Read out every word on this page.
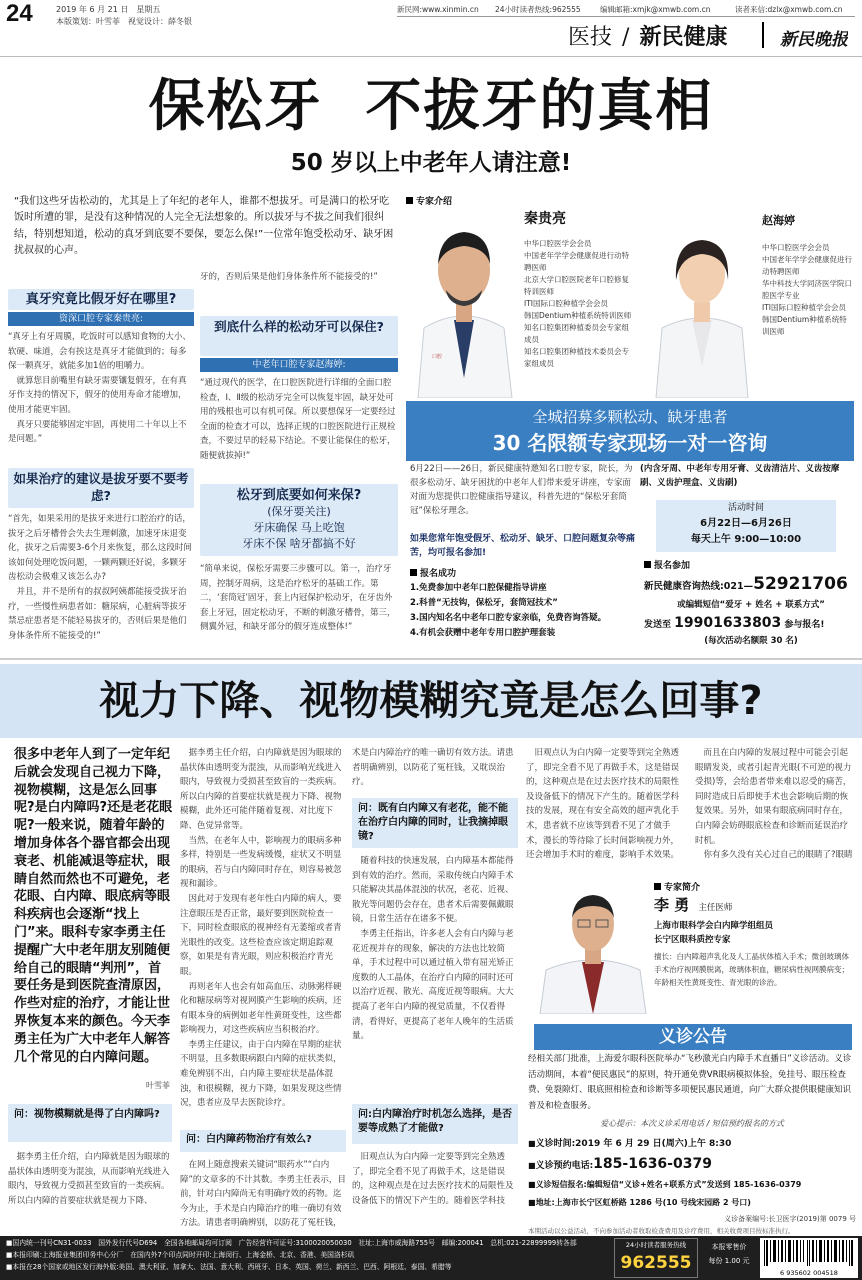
24	2019 年 6 月 21 日　星期五
本版策划：叶雪菲　视觉设计：薛冬银
新民网:www.xinmin.cn 24小时读者热线:962555	编辑邮箱:xmjk@xmwb.com.cn	读者来信:dzlx@xmwb.com.cn
医技 / 新民健康	新民晚报
保松牙  不拔牙的真相
50 岁以上中老年人请注意!
“我们这些牙齿松动的，尤其是上了年纪的老年人，谁都不想拔牙。可是满口的松牙吃饭时所遭的罪，是没有这种情况的人完全无法想象的。所以拔牙与不拔之间我们很纠结，特别想知道，松动的真牙到底要不要保，要怎么保!”一位常年饱受松动牙、缺牙困扰叔叔的心声。
真牙究竟比假牙好在哪里?
资深口腔专家秦贵亮:
“真牙上有牙周膜，吃饭时可以感知食物的大小、软硬、味道，会有挨这是真牙才能做到的；每多保一颗真牙，就能多加1倍的咀嚼力。
　就算您目前嘴里有缺牙需要镶复假牙，在有真牙作支持的情况下，假牙的使用寿命才能增加，使用才能更牢固。
　真牙只要能够固定牢固，再使用二十年以上不是问题。”
如果治疗的建议是拔牙要不要考虑?
“首先，如果采用的是拔牙来进行口腔治疗的话，拔牙之后牙槽骨会失去生理刺激，加速牙床退变化，拔牙之后需要3-6个月来恢复，那么这段时间该如何处理吃饭问题，一颗两颗还好说，多颗牙齿松动会极难又该怎么办?
　并且，并不是所有的叔叔阿姨都能接受拔牙治疗，一些慢性病患者如：糖尿病，心脏病等拔牙禁忌症患者是不能轻易拔牙的，否则后果是他们身体条件所不能接受的!”
牙的，否则后果是他们身体条件所不能接受的!”
到底什么样的松动牙可以保住?
中老年口腔专家赵海婷:
“通过现代的医学，在口腔医院进行详细的全面口腔检查，Ⅰ、Ⅱ级的松动牙完全可以恢复牢固，缺牙处可用的残根也可以有机可保。所以要想保牙一定要经过全面的检查才可以，选择正规的口腔医院进行正规检查，不要过早的轻易下结论。不要让能保住的松牙，随便就拔掉!”
松牙到底要如何来保?
(保牙要关注)
牙床确保 马上吃饱
牙床不保 啥牙都搞不好
“简单来说，保松牙需要三步骤可以。第一，治疗牙周，控制牙周病，这是治疗松牙的基础工作。第二，‘套筒冠’固牙，套上内冠保护松动牙，在牙齿外套上牙冠，固定松动牙，不断的刺激牙槽骨，第三，侧翼外冠，和缺牙部分的假牙连成整体!”
专家介绍
口腔
秦贵亮
中华口腔医学会会员
中国老年学学会健康促进行动特聘医师
北京大学口腔医院老年口腔修复特训医师
ITI国际口腔种植学会会员
韩国Dentium种植系统特训医师
知名口腔集团种植委员会专家组成员
知名口腔集团种植技术委员会专家组成员
赵海婷
中华口腔医学会会员
中国老年学学会健康促进行动特聘医师
华中科技大学同济医学院口腔医学专业
ITI国际口腔种植学会会员
韩国Dentium种植系统特训医师
全城招募多颗松动、缺牙患者
30 名限额专家现场一对一咨询
6月22日——26日，新民健康特邀知名口腔专家，院长，为很多松动牙、缺牙困扰的中老年人们带来爱牙讲座，专家面对面为您提供口腔健康指导建议，科普先进的“保松牙套筒冠”保松牙理念。
如果您常年饱受假牙、松动牙、缺牙、口腔问题复杂等痛苦，均可报名参加!
(内含牙周、中老年专用牙膏、义齿清洁片、义齿按摩刷、义齿护理盒、义齿刷)
活动时间
6月22日—6月26日
每天上午 9:00—10:00
报名成功
1.免费参加中老年口腔保健指导讲座
2.科普“无技钩，保松牙，套筒冠技术”
3.国内知名名中老年口腔专家亲临，免费咨询答疑。
4.有机会获赠中老年专用口腔护理套装
报名参加
新民健康咨询热线:021—52921706
或编辑短信“爱牙 + 姓名 + 联系方式”
发送至 19901633803 参与报名!
(每次活动名额限 30 名)
视力下降、视物模糊究竟是怎么回事?
很多中老年人到了一定年纪后就会发现自己视力下降，视物模糊，这是怎么回事呢?是白内障吗?还是老花眼呢?一般来说，随着年龄的增加身体各个器官都会出现衰老、机能减退等症状，眼睛自然而然也不可避免，老花眼、白内障、眼底病等眼科疾病也会逐渐“找上门”来。眼科专家李勇主任提醒广大中老年朋友别随便给自己的眼睛“判刑”，首要任务是到医院查清原因，作些对症的治疗，才能让世界恢复本来的颜色。今天李勇主任为广大中老年人解答几个常见的白内障问题。
叶雪菲
问：视物模糊就是得了白内障吗?
　据李勇主任介绍，白内障就是因为眼球的晶状体由透明变为混浊，从而影响光线进入眼内，导致视力受损甚至致盲的一类疾病。所以白内障的首要症状就是视力下降、
　据李勇主任介绍，白内障就是因为眼球的晶状体由透明变为混浊，从而影响光线进入眼内，导致视力受损甚至致盲的一类疾病。所以白内障的首要症状就是视力下降、视物模糊，此外还可能伴随着复视、对比度下降、色觉异常等。
　当然，在老年人中，影响视力的眼病多种多样，特别是一些发病缓慢，症状又不明显的眼病，若与白内障同时存在，则容易被忽视和漏诊。
　因此对于发现有老年性白内障的病人，要注意眼压是否正常，最好要到医院检查一下，同时检查眼底的视神经有无萎缩或者青光眼性的改变。这些检查应该定期追踪观察，如果是有青光眼，则应积极治疗青光眼。
　再则老年人也会有如高血压、动脉粥样硬化和糖尿病等对视网膜产生影响的疾病，还有眼本身的病例如老年性黄斑变性，这些都影响视力，对这些疾病应当积极治疗。
　李勇主任建议，由于白内障在早期的症状不明显，且多数眼病跟白内障的症状类似，难免辨别不出，白内障主要症状是晶体混浊，和很模糊，视力下降，如果发现这些情况，患者应及早去医院诊疗。
问：白内障药物治疗有效么?
　在网上随意搜索关键词“眼药水”“白内障”的文章多的不计其数。李勇主任表示，目前，针对白内障尚无有明确疗效的药物。迄今为止，手术是白内障治疗的唯一确切有效方法。请患者明确辨别，以防花了冤枉钱，
术是白内障治疗的唯一确切有效方法。请患者明确辨别，以防花了冤枉钱，又耽误治疗。
问：既有白内障又有老花，能不能在治疗白内障的同时，让我摘掉眼镜?
　随着科技的快速发展，白内障基本都能得到有效的治疗。然而，采取传统白内障手术只能解决其晶体混浊的状况，老花、近视、散光等问题仍会存在，患者术后需要佩戴眼镜，日常生活存在诸多不便。
　李勇主任指出，许多老人会有白内障与老花近视并存的现象，解决的方法也比较简单，手术过程中可以通过植入带有屈光矫正度数的人工晶体，在治疗白内障的同时还可以治疗近视、散光、高度近视等眼病。大大提高了老年白内障的视觉质量，不仅看得清，看得好，更提高了老年人晚年的生活质量。
问:白内障治疗时机怎么选择，是否要等成熟了才能做?
　旧观点认为白内障一定要等到完全熟透了，即完全看不见了再做手术，这是错误的，这种观点是在过去医疗技术的局限性及设备低下的情况下产生的。随着医学科技
　旧观点认为白内障一定要等到完全熟透了，即完全看不见了再做手术，这是错误的，这种观点是在过去医疗技术的局限性及设备低下的情况下产生的。随着医学科技的发展，现在有安全高效的超声乳化手术，患者就不应该等到看不见了才做手术，漫长的等待除了长时间影响视力外，还会增加手术时的难度，影响手术效果。
　而且在白内障的发展过程中可能会引起眼睛发炎，或者引起青光眼(不可逆的视力受损)等，会给患者带来难以忍受的痛苦，同时造成日后即使手术也会影响后期的恢复效果。另外，如果有眼底病同时存在，白内障会妨碍眼底检查和诊断而延误治疗时机。
　你有多久没有关心过自己的眼睛了?眼睛
专家简介
李 勇 主任医师
上海市眼科学会白内障学组组员
长宁区眼科质控专家
擅长：白内障超声乳化及人工晶状体植入手术；微创玻璃体手术治疗视网膜脱离，玻璃体积血，糖尿病性视网膜病变；年龄相关性黄斑变性、青光眼的诊治。
义诊公告
经相关部门批准，上海爱尔眼科医院举办“飞秒激光白内障手术直播日”义诊活动。义诊活动期间，本着“便民惠民”的原则，特开通免费VR眼病模拟体验，免挂号、眼压检查费、免裂隙灯、眼底照相检查和诊断等多项便民惠民通道，向广大群众提供眼健康知识普及和检查服务。
爱心提示：本次义诊采用电话 / 短信预约报名的方式
■义诊时间:2019 年 6 月 29 日(周六)上午 8:30
■义诊预约电话:185-1636-0379
■义诊短信报名:编辑短信“义诊+姓名+联系方式”发送到 185-1636-0379
■地址:上海市长宁区虹桥路 1286 号(10 号线宋园路 2 号口)
义诊备案编号:长卫医字(2019)第 0079 号
本期活动以公益活动，不向参加活动者收取检查费用及诊疗费用，相关收费项目按标准执行。
■国内统一刊号CN31-0033　国外发行代号D694　全国各地邮局均可订阅　广告经营许可证号:3100020050030　社址:上海市威海路755号　邮编:200041　总机:021-22899999转各部
■本报印刷:上海报业集团印务中心分厂　在国内外7个印点同时开印:上海闵行、上海金桥、北京、香港、美国洛杉矶
■本报在28个国家或地区发行海外版:美国、澳大利亚、加拿大、法国、意大利、西班牙、日本、英国、荷兰、新西兰、巴西、阿根廷、泰国、希腊等
24小时读者服务热线
962555
本报零售价
每份 1.00 元
6 935602 004518
